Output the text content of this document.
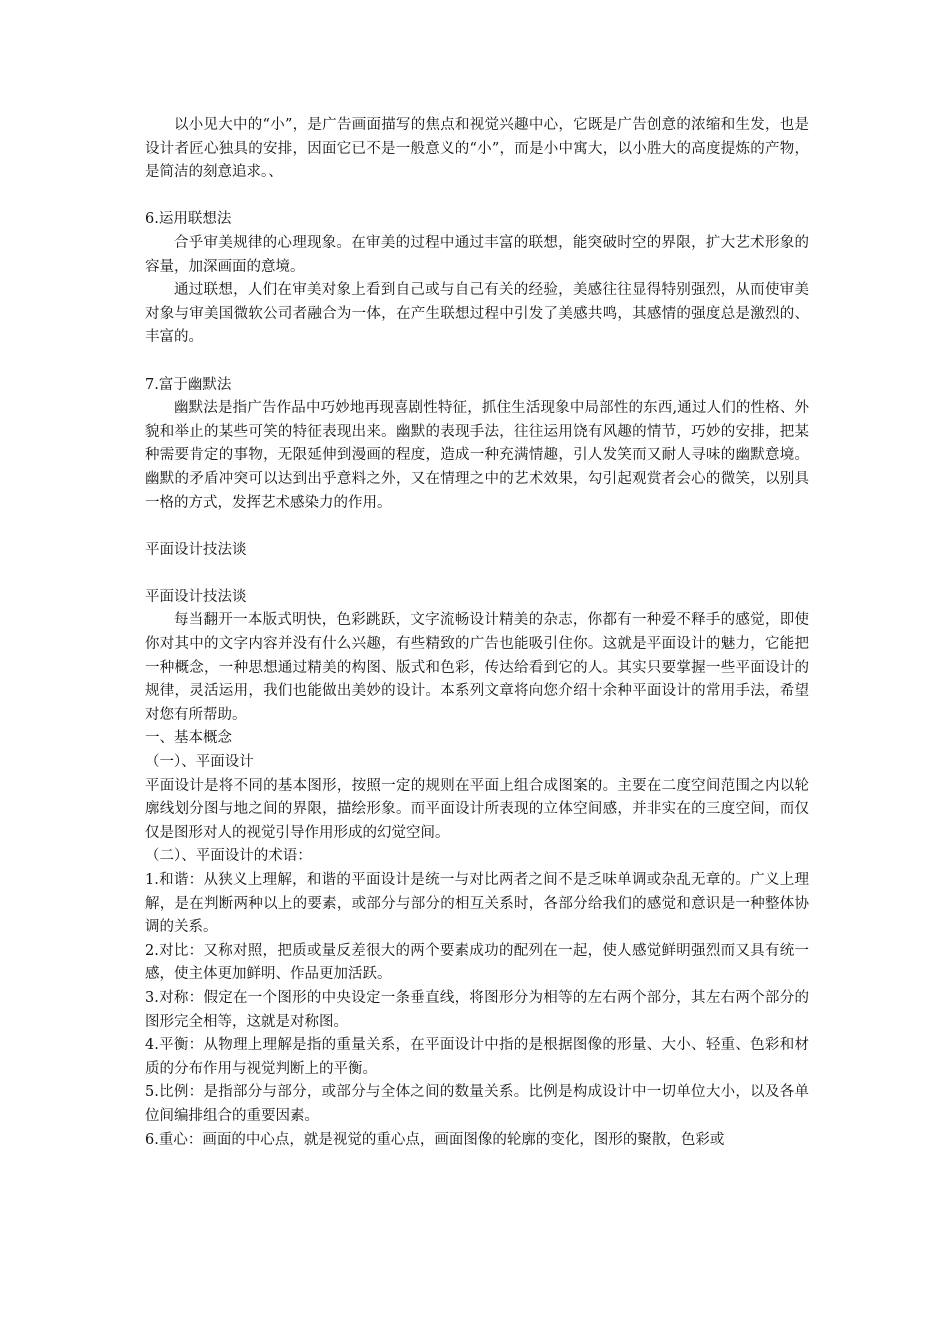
以小见大中的“小”，是广告画面描写的焦点和视觉兴趣中心，它既是广告创意的浓缩和生发，也是设计者匠心独具的安排，因面它已不是一般意义的“小”，而是小中寓大，以小胜大的高度提炼的产物，是简洁的刻意追求。、

6.运用联想法

合乎审美规律的心理现象。在审美的过程中通过丰富的联想，能突破时空的界限，扩大艺术形象的容量，加深画面的意境。

通过联想，人们在审美对象上看到自己或与自己有关的经验，美感往往显得特别强烈，从而使审美对象与审美国微软公司者融合为一体，在产生联想过程中引发了美感共鸣，其感情的强度总是激烈的、丰富的。

7.富于幽默法

幽默法是指广告作品中巧妙地再现喜剧性特征，抓住生活现象中局部性的东西,通过人们的性格、外貌和举止的某些可笑的特征表现出来。幽默的表现手法，往往运用饶有风趣的情节，巧妙的安排，把某种需要肯定的事物，无限延伸到漫画的程度，造成一种充满情趣，引人发笑而又耐人寻味的幽默意境。幽默的矛盾冲突可以达到出乎意料之外，又在情理之中的艺术效果，勾引起观赏者会心的微笑，以别具一格的方式，发挥艺术感染力的作用。

平面设计技法谈

平面设计技法谈

每当翻开一本版式明快，色彩跳跃，文字流畅设计精美的杂志，你都有一种爱不释手的感觉，即使你对其中的文字内容并没有什么兴趣，有些精致的广告也能吸引住你。这就是平面设计的魅力，它能把一种概念，一种思想通过精美的构图、版式和色彩，传达给看到它的人。其实只要掌握一些平面设计的规律，灵活运用，我们也能做出美妙的设计。本系列文章将向您介绍十余种平面设计的常用手法，希望对您有所帮助。

一、基本概念

（一）、平面设计

平面设计是将不同的基本图形，按照一定的规则在平面上组合成图案的。主要在二度空间范围之内以轮廓线划分图与地之间的界限，描绘形象。而平面设计所表现的立体空间感，并非实在的三度空间，而仅仅是图形对人的视觉引导作用形成的幻觉空间。

（二）、平面设计的术语：

1.和谐：从狭义上理解，和谐的平面设计是统一与对比两者之间不是乏味单调或杂乱无章的。广义上理解，是在判断两种以上的要素，或部分与部分的相互关系时，各部分给我们的感觉和意识是一种整体协调的关系。

2.对比：又称对照，把质或量反差很大的两个要素成功的配列在一起，使人感觉鲜明强烈而又具有统一感，使主体更加鲜明、作品更加活跃。

3.对称：假定在一个图形的中央设定一条垂直线，将图形分为相等的左右两个部分，其左右两个部分的图形完全相等，这就是对称图。

4.平衡：从物理上理解是指的重量关系，在平面设计中指的是根据图像的形量、大小、轻重、色彩和材质的分布作用与视觉判断上的平衡。

5.比例：是指部分与部分，或部分与全体之间的数量关系。比例是构成设计中一切单位大小，以及各单位间编排组合的重要因素。

6.重心：画面的中心点，就是视觉的重心点，画面图像的轮廓的变化，图形的聚散，色彩或
